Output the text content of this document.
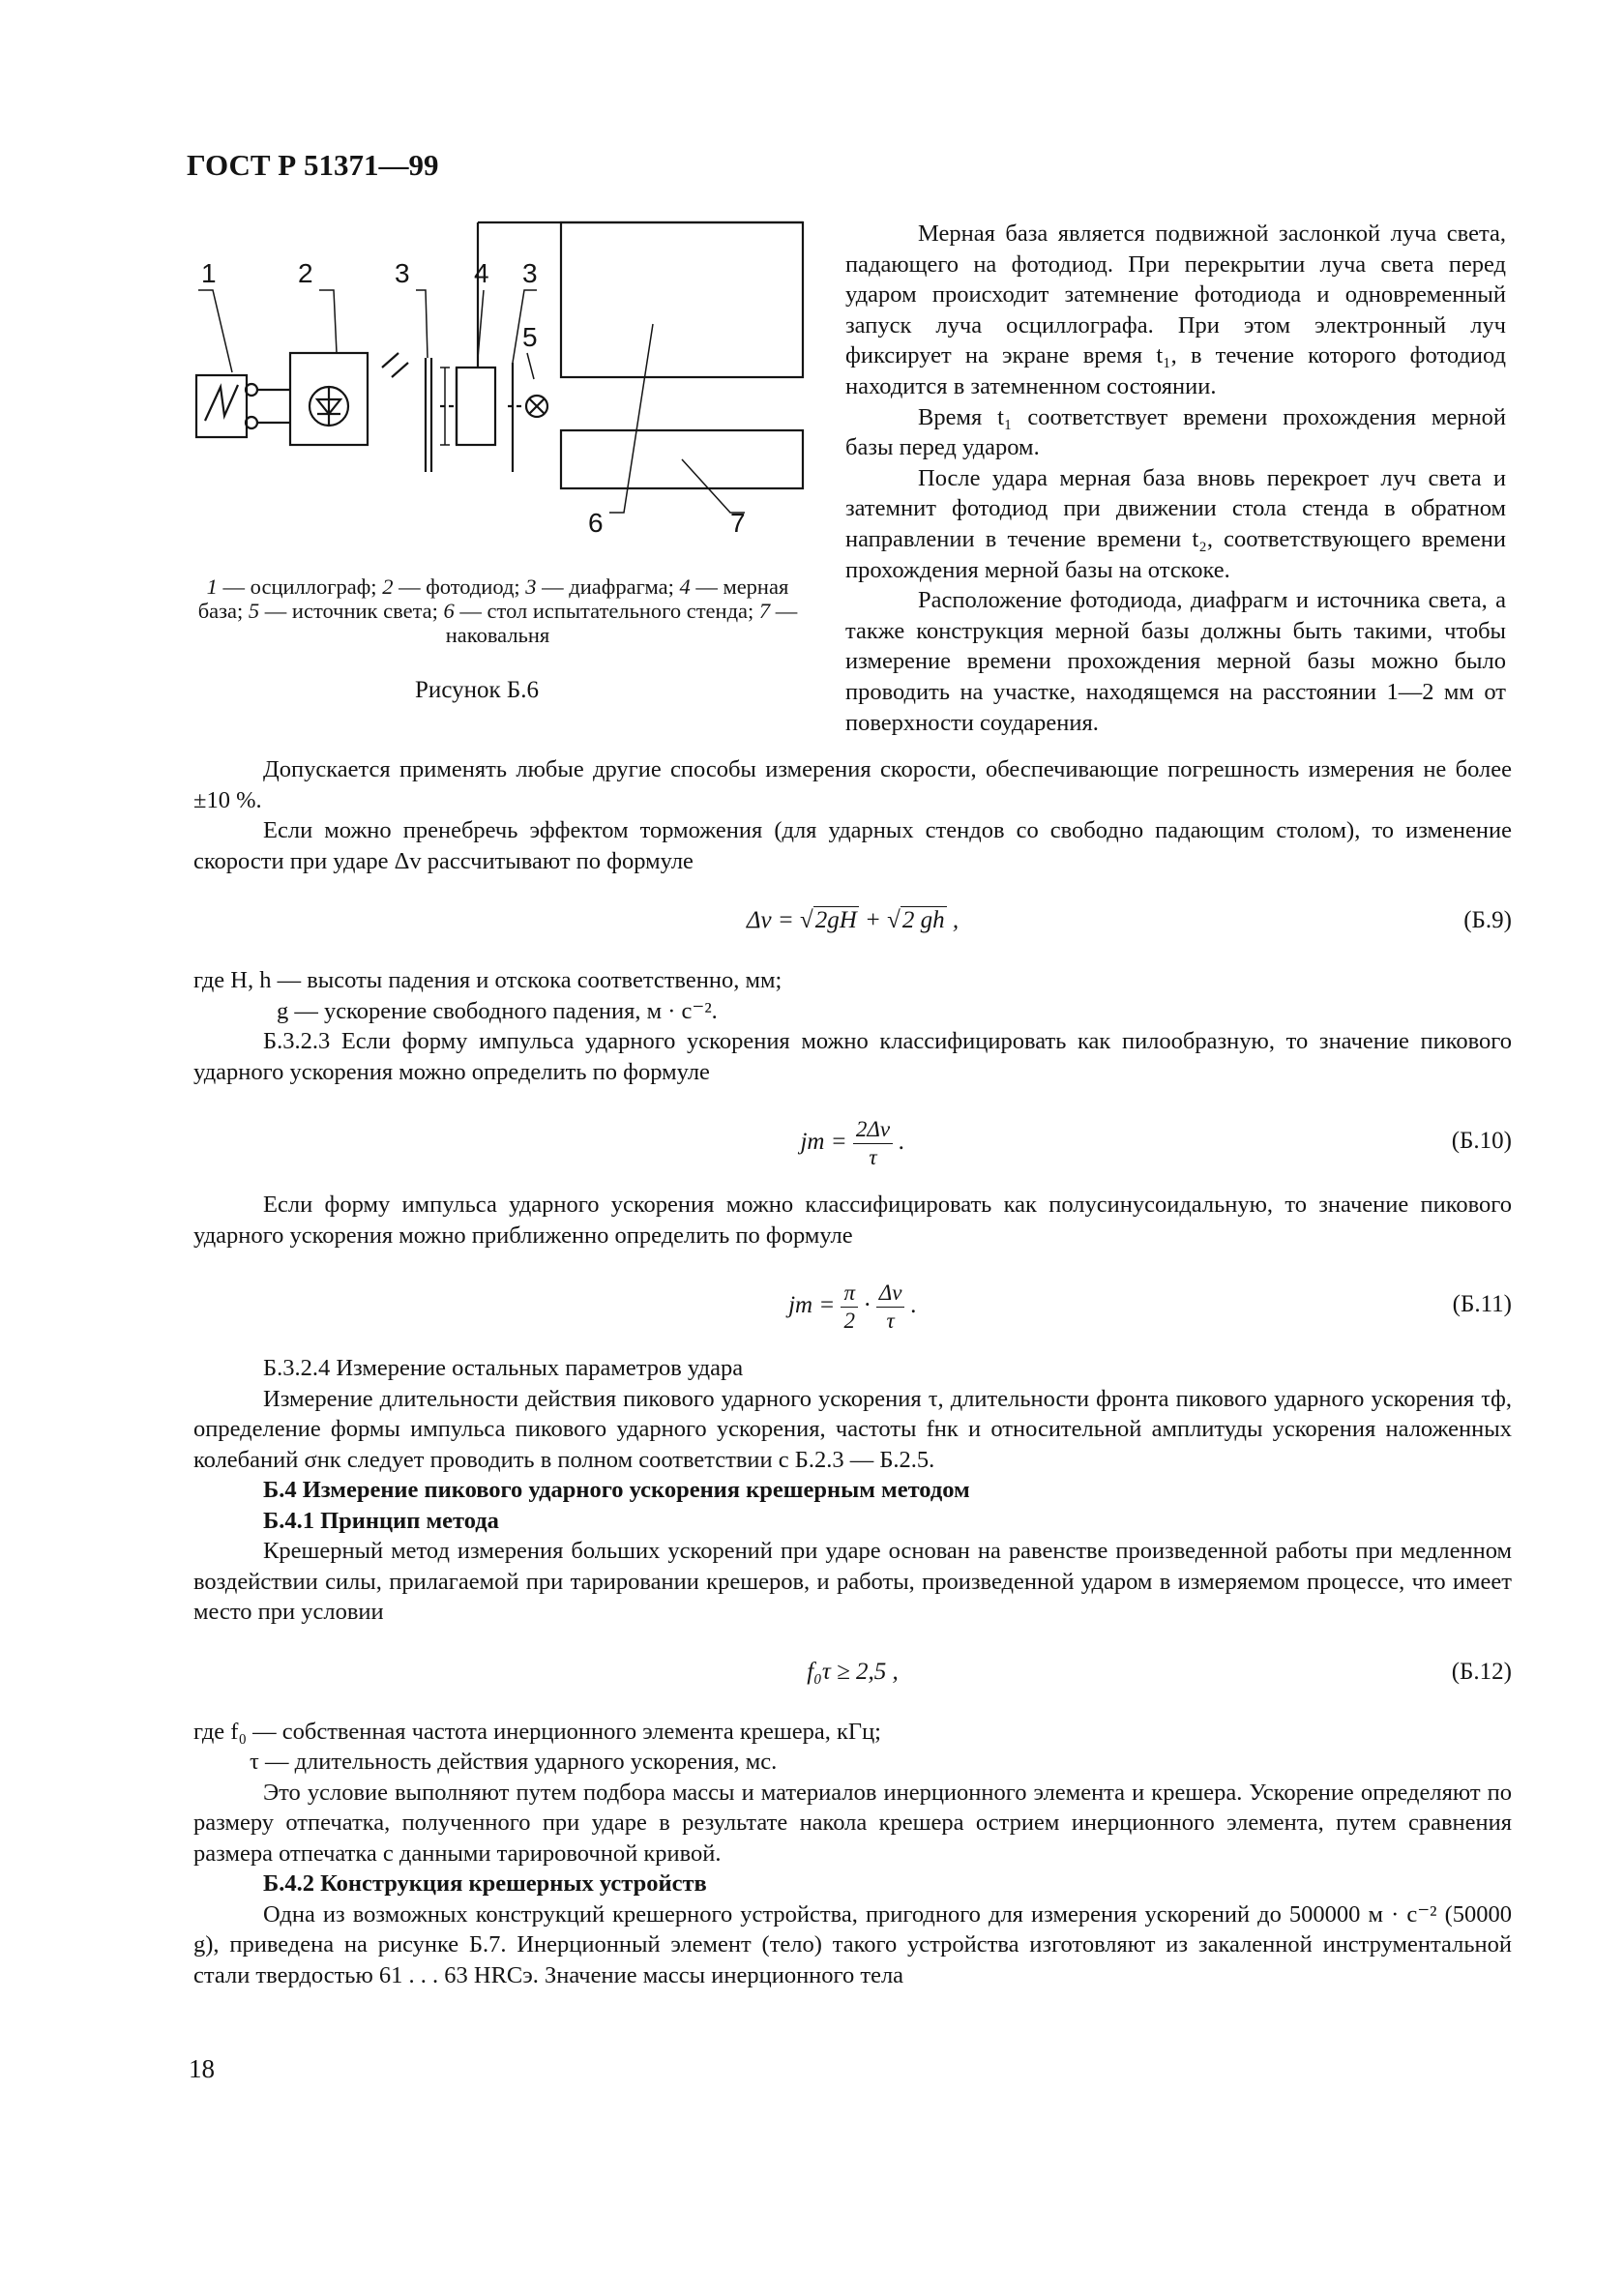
ГОСТ Р 51371—99
1	2	3 4 3
5
6	7
1 — осциллограф; 2 — фотодиод; 3 — диафрагма; 4 — мерная база; 5 — источник света; 6 — стол испытательного стенда; 7 — наковальня
Рисунок Б.6

Мерная база является подвижной заслонкой луча света, падающего на фотодиод. При перекрытии луча света перед ударом происходит затемнение фотодиода и одновременный запуск луча осциллографа. При этом электронный луч фиксирует на экране время t₁, в течение которого фотодиод находится в затемненном состоянии.

Время t₁ соответствует времени прохождения мерной базы перед ударом.

После удара мерная база вновь перекроет луч света и затемнит фотодиод при движении стола стенда в обратном направлении в течение времени t₂, соответствующего времени прохождения мерной базы на отскоке.

Расположение фотодиода, диафрагм и источника света, а также конструкция мерной базы должны быть такими, чтобы измерение времени прохождения мерной базы можно было проводить на участке, находящемся на расстоянии 1—2 мм от поверхности соударения.

Допускается применять любые другие способы измерения скорости, обеспечивающие погрешность измерения не более ±10 %.

Если можно пренебречь эффектом торможения (для ударных стендов со свободно падающим столом), то изменение скорости при ударе Δv рассчитывают по формуле

Δv = √2gH + √2 gh ,	(Б.9)

где H, h — высоты падения и отскока соответственно, мм;

g — ускорение свободного падения, м · с⁻².

Б.3.2.3 Если форму импульса ударного ускорения можно классифицировать как пилообразную, то значение пикового ударного ускорения можно определить по формуле

jm = $\frac{2\Delta v}{\tau}$ .	(Б.10)

Если форму импульса ударного ускорения можно классифицировать как полусинусоидальную, то значение пикового ударного ускорения можно приближенно определить по формуле

jm = $\frac{\pi}{2} \cdot \frac{\Delta v}{\tau}$ .	(Б.11)

Б.3.2.4 Измерение остальных параметров удара

Измерение длительности действия пикового ударного ускорения τ, длительности фронта пикового ударного ускорения τф, определение формы импульса пикового ударного ускорения, частоты fнк и относительной амплитуды ускорения наложенных колебаний σнк следует проводить в полном соответствии с Б.2.3 — Б.2.5.

Б.4 Измерение пикового ударного ускорения крешерным методом

Б.4.1 Принцип метода

Крешерный метод измерения больших ускорений при ударе основан на равенстве произведенной работы при медленном воздействии силы, прилагаемой при тарировании крешеров, и работы, произведенной ударом в измеряемом процессе, что имеет место при условии

f₀τ ≥ 2,5 ,	(Б.12)

где f₀ — собственная частота инерционного элемента крешера, кГц;

τ — длительность действия ударного ускорения, мс.

Это условие выполняют путем подбора массы и материалов инерционного элемента и крешера. Ускорение определяют по размеру отпечатка, полученного при ударе в результате накола крешера острием инерционного элемента, путем сравнения размера отпечатка с данными тарировочной кривой.

Б.4.2 Конструкция крешерных устройств

Одна из возможных конструкций крешерного устройства, пригодного для измерения ускорений до 500000 м · с⁻² (50000 g), приведена на рисунке Б.7. Инерционный элемент (тело) такого устройства изготовляют из закаленной инструментальной стали твердостью 61 . . . 63 HRCэ. Значение массы инерционного тела

18
